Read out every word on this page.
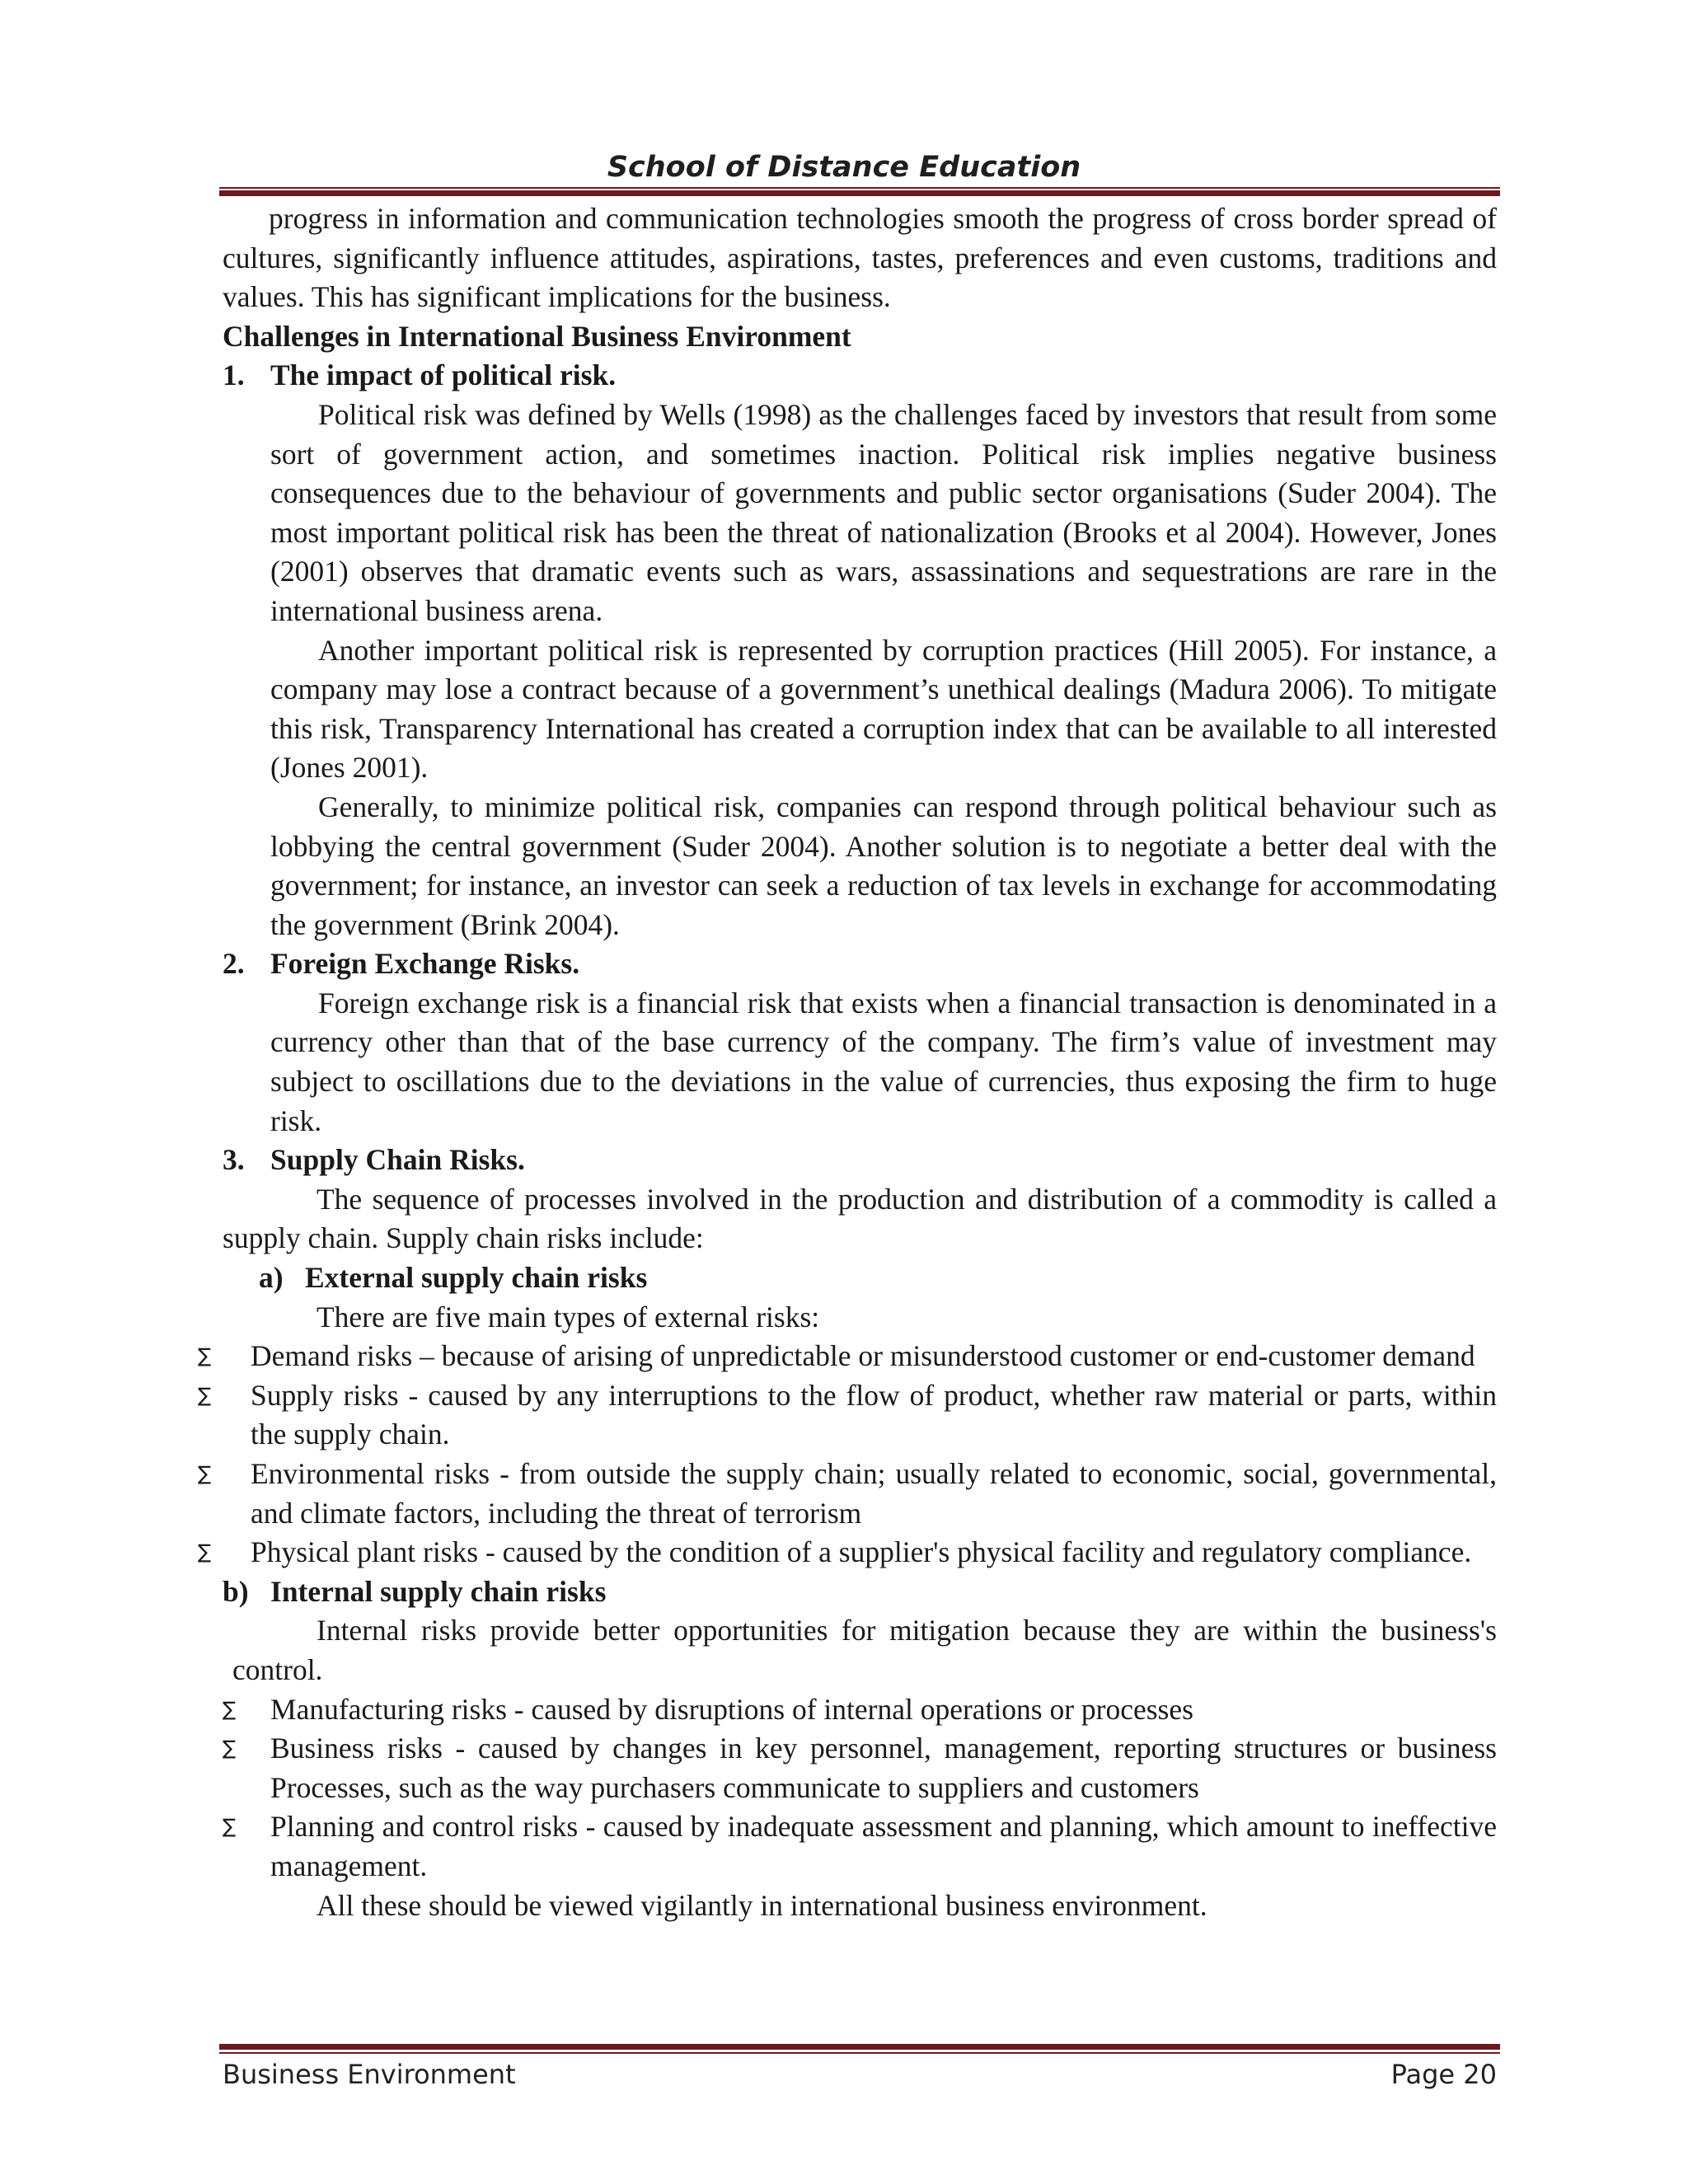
School of Distance Education

progress in information and communication technologies smooth the progress of cross border spread of cultures, significantly influence attitudes, aspirations, tastes, preferences and even customs, traditions and values. This has significant implications for the business.

Challenges in International Business Environment

1. The impact of political risk.

Political risk was defined by Wells (1998) as the challenges faced by investors that result from some sort of government action, and sometimes inaction. Political risk implies negative business consequences due to the behaviour of governments and public sector organisations (Suder 2004). The most important political risk has been the threat of nationalization (Brooks et al 2004). However, Jones (2001) observes that dramatic events such as wars, assassinations and sequestrations are rare in the international business arena.

Another important political risk is represented by corruption practices (Hill 2005). For instance, a company may lose a contract because of a government’s unethical dealings (Madura 2006). To mitigate this risk, Transparency International has created a corruption index that can be available to all interested (Jones 2001).

Generally, to minimize political risk, companies can respond through political behaviour such as lobbying the central government (Suder 2004). Another solution is to negotiate a better deal with the government; for instance, an investor can seek a reduction of tax levels in exchange for accommodating the government (Brink 2004).

2. Foreign Exchange Risks.

Foreign exchange risk is a financial risk that exists when a financial transaction is denominated in a currency other than that of the base currency of the company. The firm’s value of investment may subject to oscillations due to the deviations in the value of currencies, thus exposing the firm to huge risk.

3. Supply Chain Risks.

The sequence of processes involved in the production and distribution of a commodity is called a supply chain. Supply chain risks include:

a) External supply chain risks

There are five main types of external risks:

∑	Demand risks – because of arising of unpredictable or misunderstood customer or end-customer demand
∑	Supply risks - caused by any interruptions to the flow of product, whether raw material or parts, within the supply chain.
∑	Environmental risks - from outside the supply chain; usually related to economic, social, governmental, and climate factors, including the threat of terrorism
∑	Physical plant risks - caused by the condition of a supplier's physical facility and regulatory compliance.
b) Internal supply chain risks

Internal risks provide better opportunities for mitigation because they are within the business's control.

∑	Manufacturing risks - caused by disruptions of internal operations or processes
∑	Business risks - caused by changes in key personnel, management, reporting structures or business Processes, such as the way purchasers communicate to suppliers and customers
∑	Planning and control risks - caused by inadequate assessment and planning, which amount to ineffective management.

All these should be viewed vigilantly in international business environment.

Business Environment	Page 20
